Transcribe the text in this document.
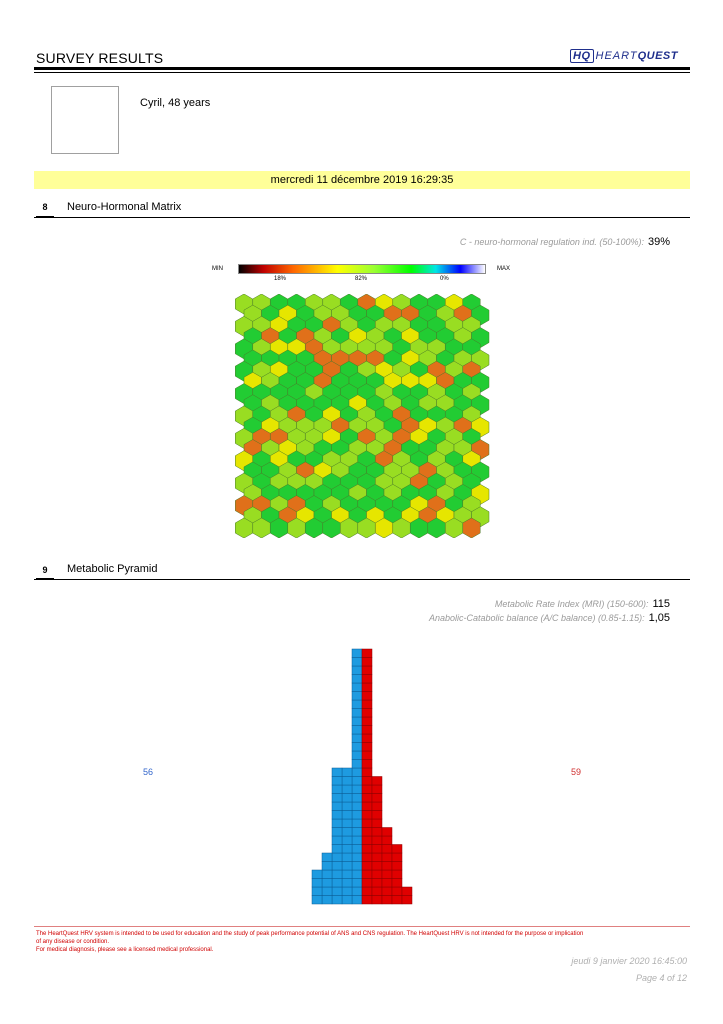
SURVEY RESULTS	HQ HEARTQUEST
Cyril, 48 years
mercredi 11 décembre 2019 16:29:35
8	Neuro-Hormonal Matrix
C - neuro-hormonal regulation ind. (50-100%): 39%
MIN	MAX
18%	82%	0%
9	Metabolic Pyramid
Metabolic Rate Index (MRI) (150-600): 115
Anabolic-Catabolic balance (A/C balance) (0.85-1.15): 1,05
56	59
The HeartQuest HRV system is intended to be used for education and the study of peak performance potential of ANS and CNS regulation. The HeartQuest HRV is not intended for the purpose or implication
of any disease or condition.
For medical diagnosis, please see a licensed medical professional.
jeudi 9 janvier 2020 16:45:00
Page 4 of 12
